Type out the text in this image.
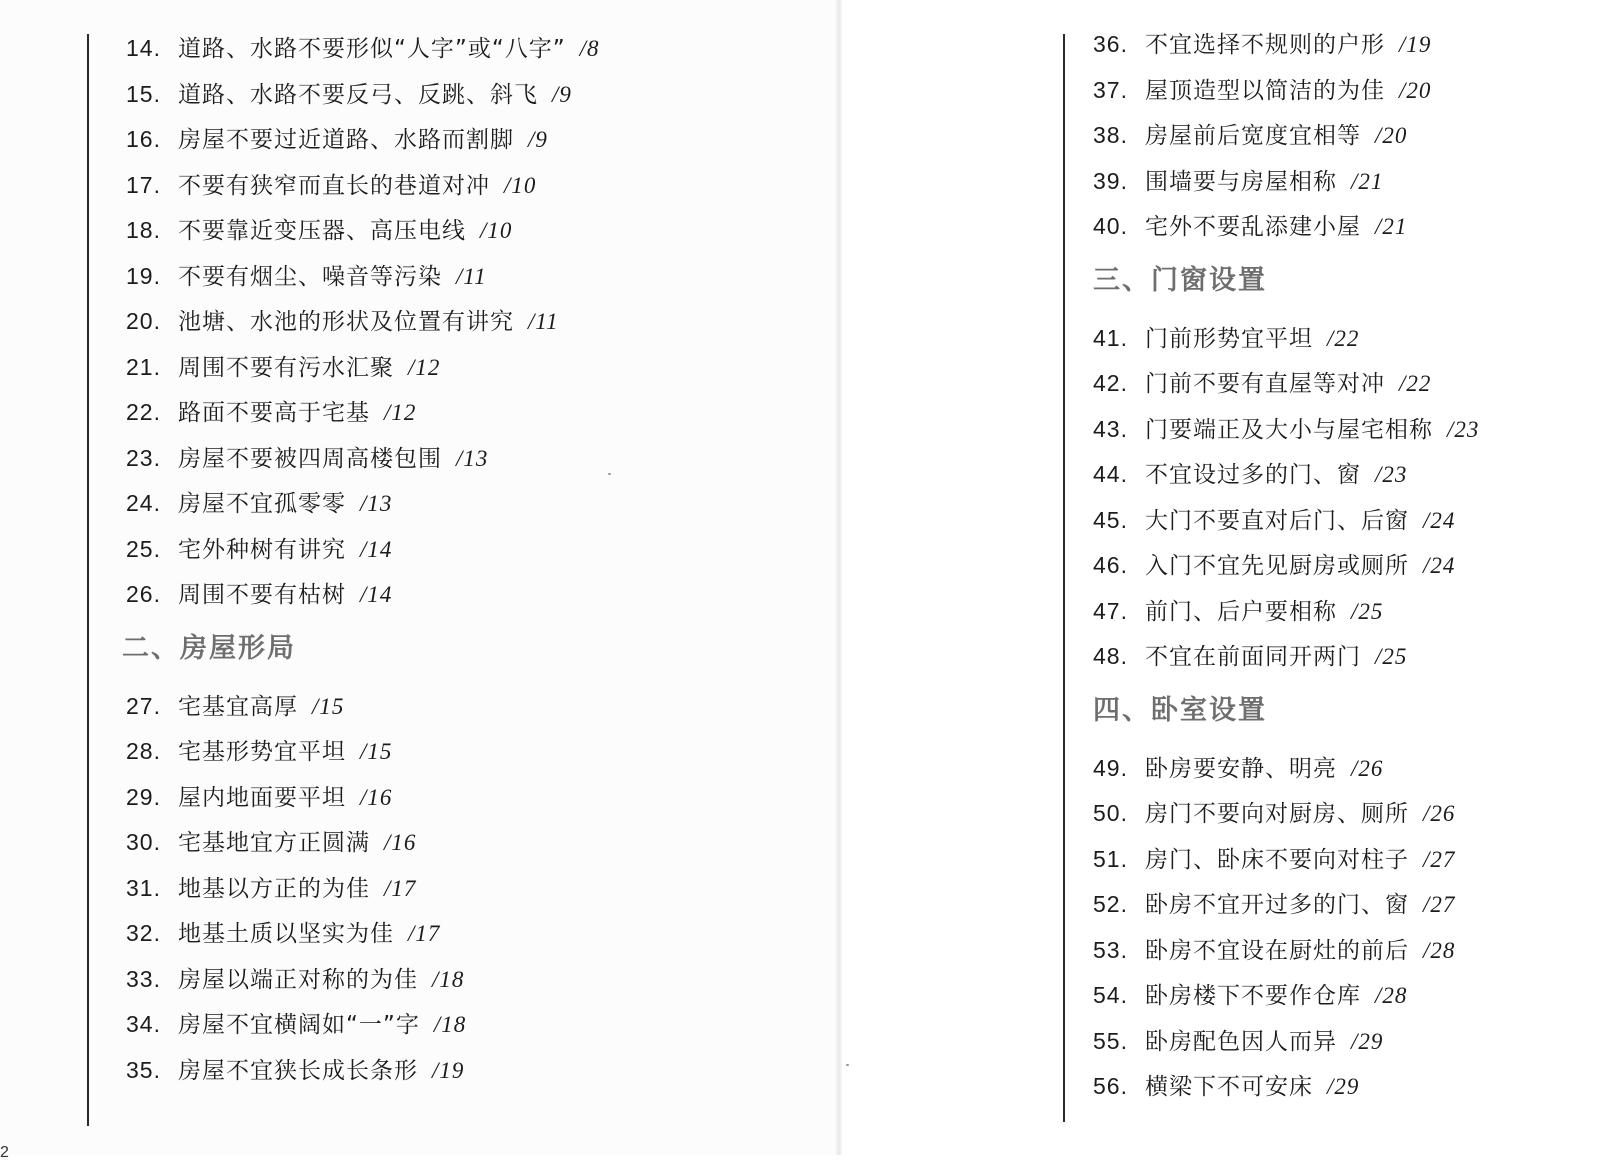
14. 道路、水路不要形似“人字”或“八字” /8
15. 道路、水路不要反弓、反跳、斜飞 /9
16. 房屋不要过近道路、水路而割脚 /9
17. 不要有狭窄而直长的巷道对冲 /10
18. 不要靠近变压器、高压电线 /10
19. 不要有烟尘、噪音等污染 /11
20. 池塘、水池的形状及位置有讲究 /11
21. 周围不要有污水汇聚 /12
22. 路面不要高于宅基 /12
23. 房屋不要被四周高楼包围 /13
24. 房屋不宜孤零零 /13
25. 宅外种树有讲究 /14
26. 周围不要有枯树 /14
二、房屋形局
27. 宅基宜高厚 /15
28. 宅基形势宜平坦 /15
29. 屋内地面要平坦 /16
30. 宅基地宜方正圆满 /16
31. 地基以方正的为佳 /17
32. 地基土质以坚实为佳 /17
33. 房屋以端正对称的为佳 /18
34. 房屋不宜横阔如“一”字 /18
35. 房屋不宜狭长成长条形 /19
36. 不宜选择不规则的户形 /19
37. 屋顶造型以简洁的为佳 /20
38. 房屋前后宽度宜相等 /20
39. 围墙要与房屋相称 /21
40. 宅外不要乱添建小屋 /21
三、门窗设置
41. 门前形势宜平坦 /22
42. 门前不要有直屋等对冲 /22
43. 门要端正及大小与屋宅相称 /23
44. 不宜设过多的门、窗 /23
45. 大门不要直对后门、后窗 /24
46. 入门不宜先见厨房或厕所 /24
47. 前门、后户要相称 /25
48. 不宜在前面同开两门 /25
四、卧室设置
49. 卧房要安静、明亮 /26
50. 房门不要向对厨房、厕所 /26
51. 房门、卧床不要向对柱子 /27
52. 卧房不宜开过多的门、窗 /27
53. 卧房不宜设在厨灶的前后 /28
54. 卧房楼下不要作仓库 /28
55. 卧房配色因人而异 /29
56. 横梁下不可安床 /29
2
